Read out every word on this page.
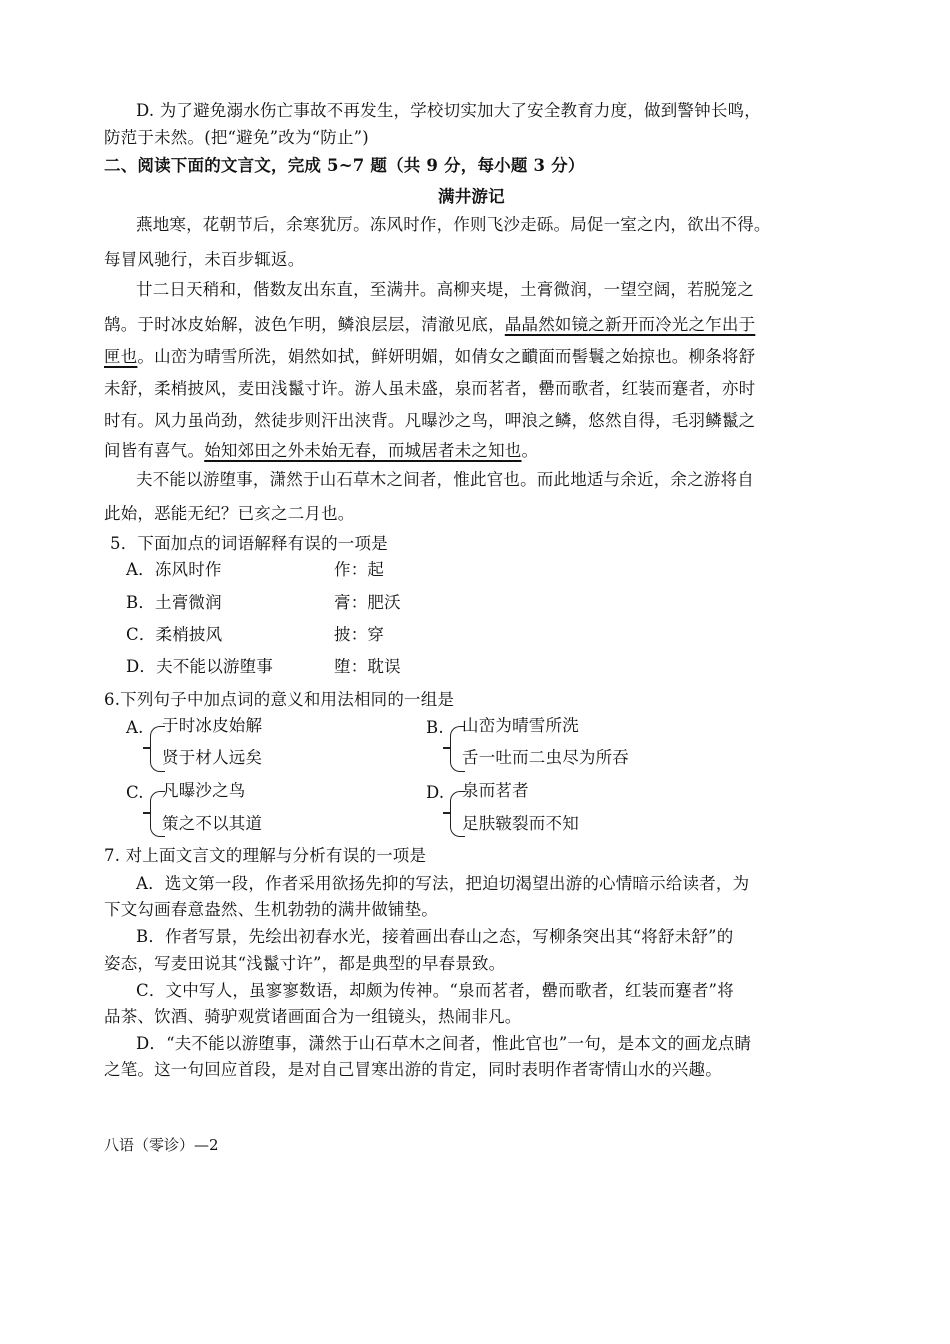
D. 为了避免溺水伤亡事故不再发生，学校切实加大了安全教育力度，做到警钟长鸣，
防范于未然。(把“避免”改为“防止”)
二、阅读下面的文言文，完成 5~7 题（共 9 分，每小题 3 分）
满井游记
燕地寒，花朝节后，余寒犹厉。冻风时作，作则飞沙走砾。局促一室之内，欲出不得。
每冒风驰行，未百步辄返。
廿二日天稍和，偕数友出东直，至满井。高柳夹堤，土膏微润，一望空阔，若脱笼之
鹄。于时冰皮始解，波色乍明，鳞浪层层，清澈见底，晶晶然如镜之新开而冷光之乍出于
匣也。山峦为晴雪所洗，娟然如拭，鲜妍明媚，如倩女之靧面而髻鬟之始掠也。柳条将舒
未舒，柔梢披风，麦田浅鬣寸许。游人虽未盛，泉而茗者，罍而歌者，红装而蹇者，亦时
时有。风力虽尚劲，然徒步则汗出浃背。凡曝沙之鸟，呷浪之鳞，悠然自得，毛羽鳞鬣之
间皆有喜气。始知郊田之外未始无春，而城居者未之知也。
夫不能以游堕事，潇然于山石草木之间者，惟此官也。而此地适与余近，余之游将自
此始，恶能无纪？已亥之二月也。
5．下面加点的词语解释有误的一项是
A．冻风时作	作：起
B．土膏微润	膏：肥沃
C．柔梢披风	披：穿
D．夫不能以游堕事	堕：耽误
6.下列句子中加点词的意义和用法相同的一组是
A. 于时冰皮始解
贤于材人远矣
B. 山峦为晴雪所洗
舌一吐而二虫尽为所吞
C. 凡曝沙之鸟
策之不以其道
D. 泉而茗者
足肤皲裂而不知
7. 对上面文言文的理解与分析有误的一项是
A．选文第一段，作者采用欲扬先抑的写法，把迫切渴望出游的心情暗示给读者，为
下文勾画春意盎然、生机勃勃的满井做铺垫。
B．作者写景，先绘出初春水光，接着画出春山之态，写柳条突出其“将舒未舒”的
姿态，写麦田说其“浅鬣寸许”，都是典型的早春景致。
C．文中写人，虽寥寥数语，却颇为传神。“泉而茗者，罍而歌者，红装而蹇者”将
品茶、饮酒、骑驴观赏诸画面合为一组镜头，热闹非凡。
D．“夫不能以游堕事，潇然于山石草木之间者，惟此官也”一句，是本文的画龙点睛
之笔。这一句回应首段，是对自己冒寒出游的肯定，同时表明作者寄情山水的兴趣。
八语（零诊）—2
